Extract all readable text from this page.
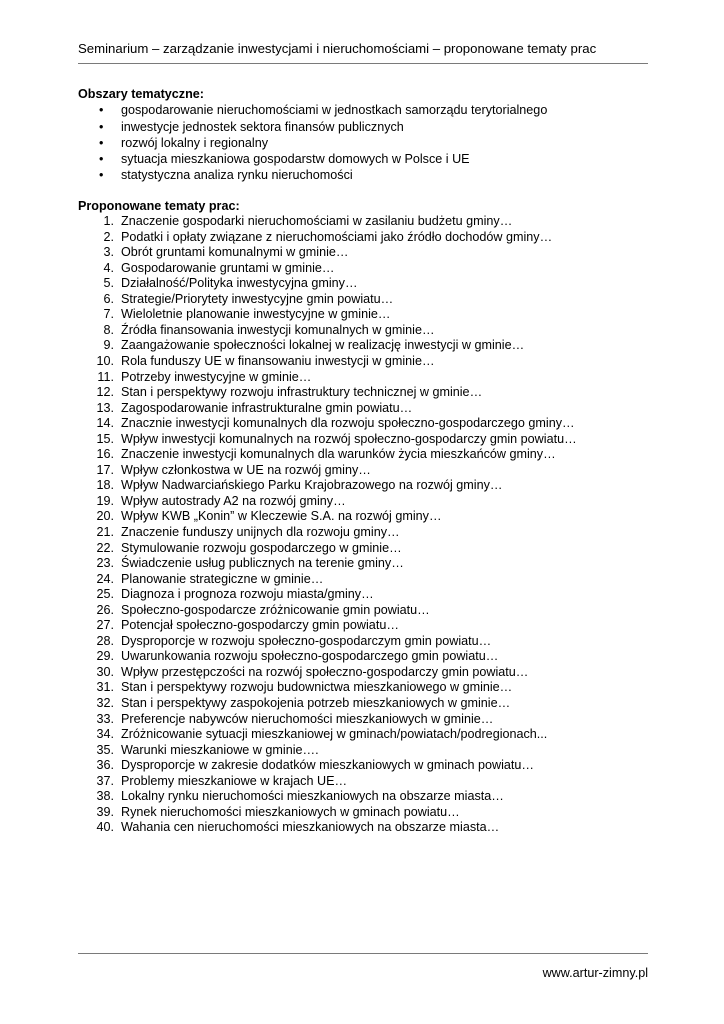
Seminarium – zarządzanie inwestycjami i nieruchomościami – proponowane tematy prac

Obszary tematyczne:

• gospodarowanie nieruchomościami w jednostkach samorządu terytorialnego
• inwestycje jednostek sektora finansów publicznych
• rozwój lokalny i regionalny
• sytuacja mieszkaniowa gospodarstw domowych w Polsce i UE
• statystyczna analiza rynku nieruchomości

Proponowane tematy prac:

1. Znaczenie gospodarki nieruchomościami w zasilaniu budżetu gminy…
2. Podatki i opłaty związane z nieruchomościami jako źródło dochodów gminy…
3. Obrót gruntami komunalnymi w gminie…
4. Gospodarowanie gruntami w gminie…
5. Działalność/Polityka inwestycyjna gminy…
6. Strategie/Priorytety inwestycyjne gmin powiatu…
7. Wieloletnie planowanie inwestycyjne w gminie…
8. Źródła finansowania inwestycji komunalnych w gminie…
9. Zaangażowanie społeczności lokalnej w realizację inwestycji w gminie…
10. Rola funduszy UE w finansowaniu inwestycji w gminie…
11. Potrzeby inwestycyjne w gminie…
12. Stan i perspektywy rozwoju infrastruktury technicznej w gminie…
13. Zagospodarowanie infrastrukturalne gmin powiatu…
14. Znacznie inwestycji komunalnych dla rozwoju społeczno-gospodarczego gminy…
15. Wpływ inwestycji komunalnych na rozwój społeczno-gospodarczy gmin powiatu…
16. Znaczenie inwestycji komunalnych dla warunków życia mieszkańców gminy…
17. Wpływ członkostwa w UE na rozwój gminy…
18. Wpływ Nadwarciańskiego Parku Krajobrazowego na rozwój gminy…
19. Wpływ autostrady A2 na rozwój gminy…
20. Wpływ KWB „Konin” w Kleczewie S.A. na rozwój gminy…
21. Znaczenie funduszy unijnych dla rozwoju gminy…
22. Stymulowanie rozwoju gospodarczego w gminie…
23. Świadczenie usług publicznych na terenie gminy…
24. Planowanie strategiczne w gminie…
25. Diagnoza i prognoza rozwoju miasta/gminy…
26. Społeczno-gospodarcze zróżnicowanie gmin powiatu…
27. Potencjał społeczno-gospodarczy gmin powiatu…
28. Dysproporcje w rozwoju społeczno-gospodarczym gmin powiatu…
29. Uwarunkowania rozwoju społeczno-gospodarczego gmin powiatu…
30. Wpływ przestępczości na rozwój społeczno-gospodarczy gmin powiatu…
31. Stan i perspektywy rozwoju budownictwa mieszkaniowego w gminie…
32. Stan i perspektywy zaspokojenia potrzeb mieszkaniowych w gminie…
33. Preferencje nabywców nieruchomości mieszkaniowych w gminie…
34. Zróżnicowanie sytuacji mieszkaniowej w gminach/powiatach/podregionach...
35. Warunki mieszkaniowe w gminie….
36. Dysproporcje w zakresie dodatków mieszkaniowych w gminach powiatu…
37. Problemy mieszkaniowe w krajach UE…
38. Lokalny rynku nieruchomości mieszkaniowych na obszarze miasta…
39. Rynek nieruchomości mieszkaniowych w gminach powiatu…
40. Wahania cen nieruchomości mieszkaniowych na obszarze miasta…
www.artur-zimny.pl
